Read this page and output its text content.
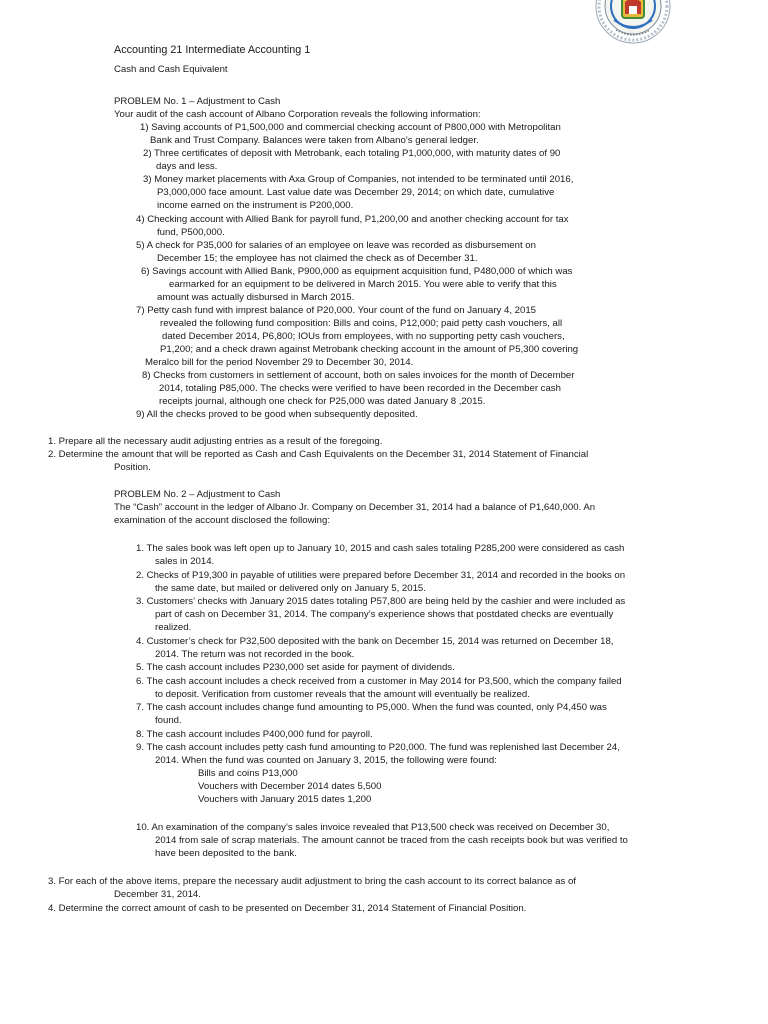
Accounting 21 Intermediate Accounting 1
Cash and Cash Equivalent
PROBLEM No. 1 – Adjustment to Cash
Your audit of the cash account of Albano Corporation reveals the following information:
1) Saving accounts of P1,500,000 and commercial checking account of P800,000 with Metropolitan
Bank and Trust Company. Balances were taken from Albano’s general ledger.
2) Three certificates of deposit with Metrobank, each totaling P1,000,000, with maturity dates of 90
days and less.
3) Money market placements with Axa Group of Companies, not intended to be terminated until 2016,
P3,000,000 face amount. Last value date was December 29, 2014; on which date, cumulative
income earned on the instrument is P200,000.
4) Checking account with Allied Bank for payroll fund, P1,200,00 and another checking account for tax
fund, P500,000.
5) A check for P35,000 for salaries of an employee on leave was recorded as disbursement on
December 15; the employee has not claimed the check as of December 31.
6) Savings account with Allied Bank, P900,000 as equipment acquisition fund, P480,000 of which was
earmarked for an equipment to be delivered in March 2015. You were able to verify that this
amount was actually disbursed in March 2015.
7) Petty cash fund with imprest balance of P20,000. Your count of the fund on January 4, 2015
revealed the following fund composition: Bills and coins, P12,000; paid petty cash vouchers, all
dated December 2014, P6,800; IOUs from employees, with no supporting petty cash vouchers,
P1,200; and a check drawn against Metrobank checking account in the amount of P5,300 covering
Meralco bill for the period November 29 to December 30, 2014.
8) Checks from customers in settlement of account, both on sales invoices for the month of December
2014, totaling P85,000. The checks were verified to have been recorded in the December cash
receipts journal, although one check for P25,000 was dated January 8 ,2015.
9) All the checks proved to be good when subsequently deposited.
1. Prepare all the necessary audit adjusting entries as a result of the foregoing.
2. Determine the amount that will be reported as Cash and Cash Equivalents on the December 31, 2014 Statement of Financial
Position.
PROBLEM No. 2 – Adjustment to Cash
The “Cash” account in the ledger of Albano Jr. Company on December 31, 2014 had a balance of P1,640,000. An
examination of the account disclosed the following:
1. The sales book was left open up to January 10, 2015 and cash sales totaling P285,200 were considered as cash
sales in 2014.
2. Checks of P19,300 in payable of utilities were prepared before December 31, 2014 and recorded in the books on
the same date, but mailed or delivered only on January 5, 2015.
3. Customers’ checks with January 2015 dates totaling P57,800 are being held by the cashier and were included as
part of cash on December 31, 2014. The company’s experience shows that postdated checks are eventually
realized.
4. Customer’s check for P32,500 deposited with the bank on December 15, 2014 was returned on December 18,
2014. The return was not recorded in the book.
5. The cash account includes P230,000 set aside for payment of dividends.
6. The cash account includes a check received from a customer in May 2014 for P3,500, which the company failed
to deposit. Verification from customer reveals that the amount will eventually be realized.
7. The cash account includes change fund amounting to P5,000. When the fund was counted, only P4,450 was
found.
8. The cash account includes P400,000 fund for payroll.
9. The cash account includes petty cash fund amounting to P20,000. The fund was replenished last December 24,
2014. When the fund was counted on January 3, 2015, the following were found:
Bills and coins P13,000
Vouchers with December 2014 dates 5,500
Vouchers with January 2015 dates 1,200
10. An examination of the company’s sales invoice revealed that P13,500 check was received on December 30,
2014 from sale of scrap materials. The amount cannot be traced from the cash receipts book but was verified to
have been deposited to the bank.
3. For each of the above items, prepare the necessary audit adjustment to bring the cash account to its correct balance as of
December 31, 2014.
4. Determine the correct amount of cash to be presented on December 31, 2014 Statement of Financial Position.
